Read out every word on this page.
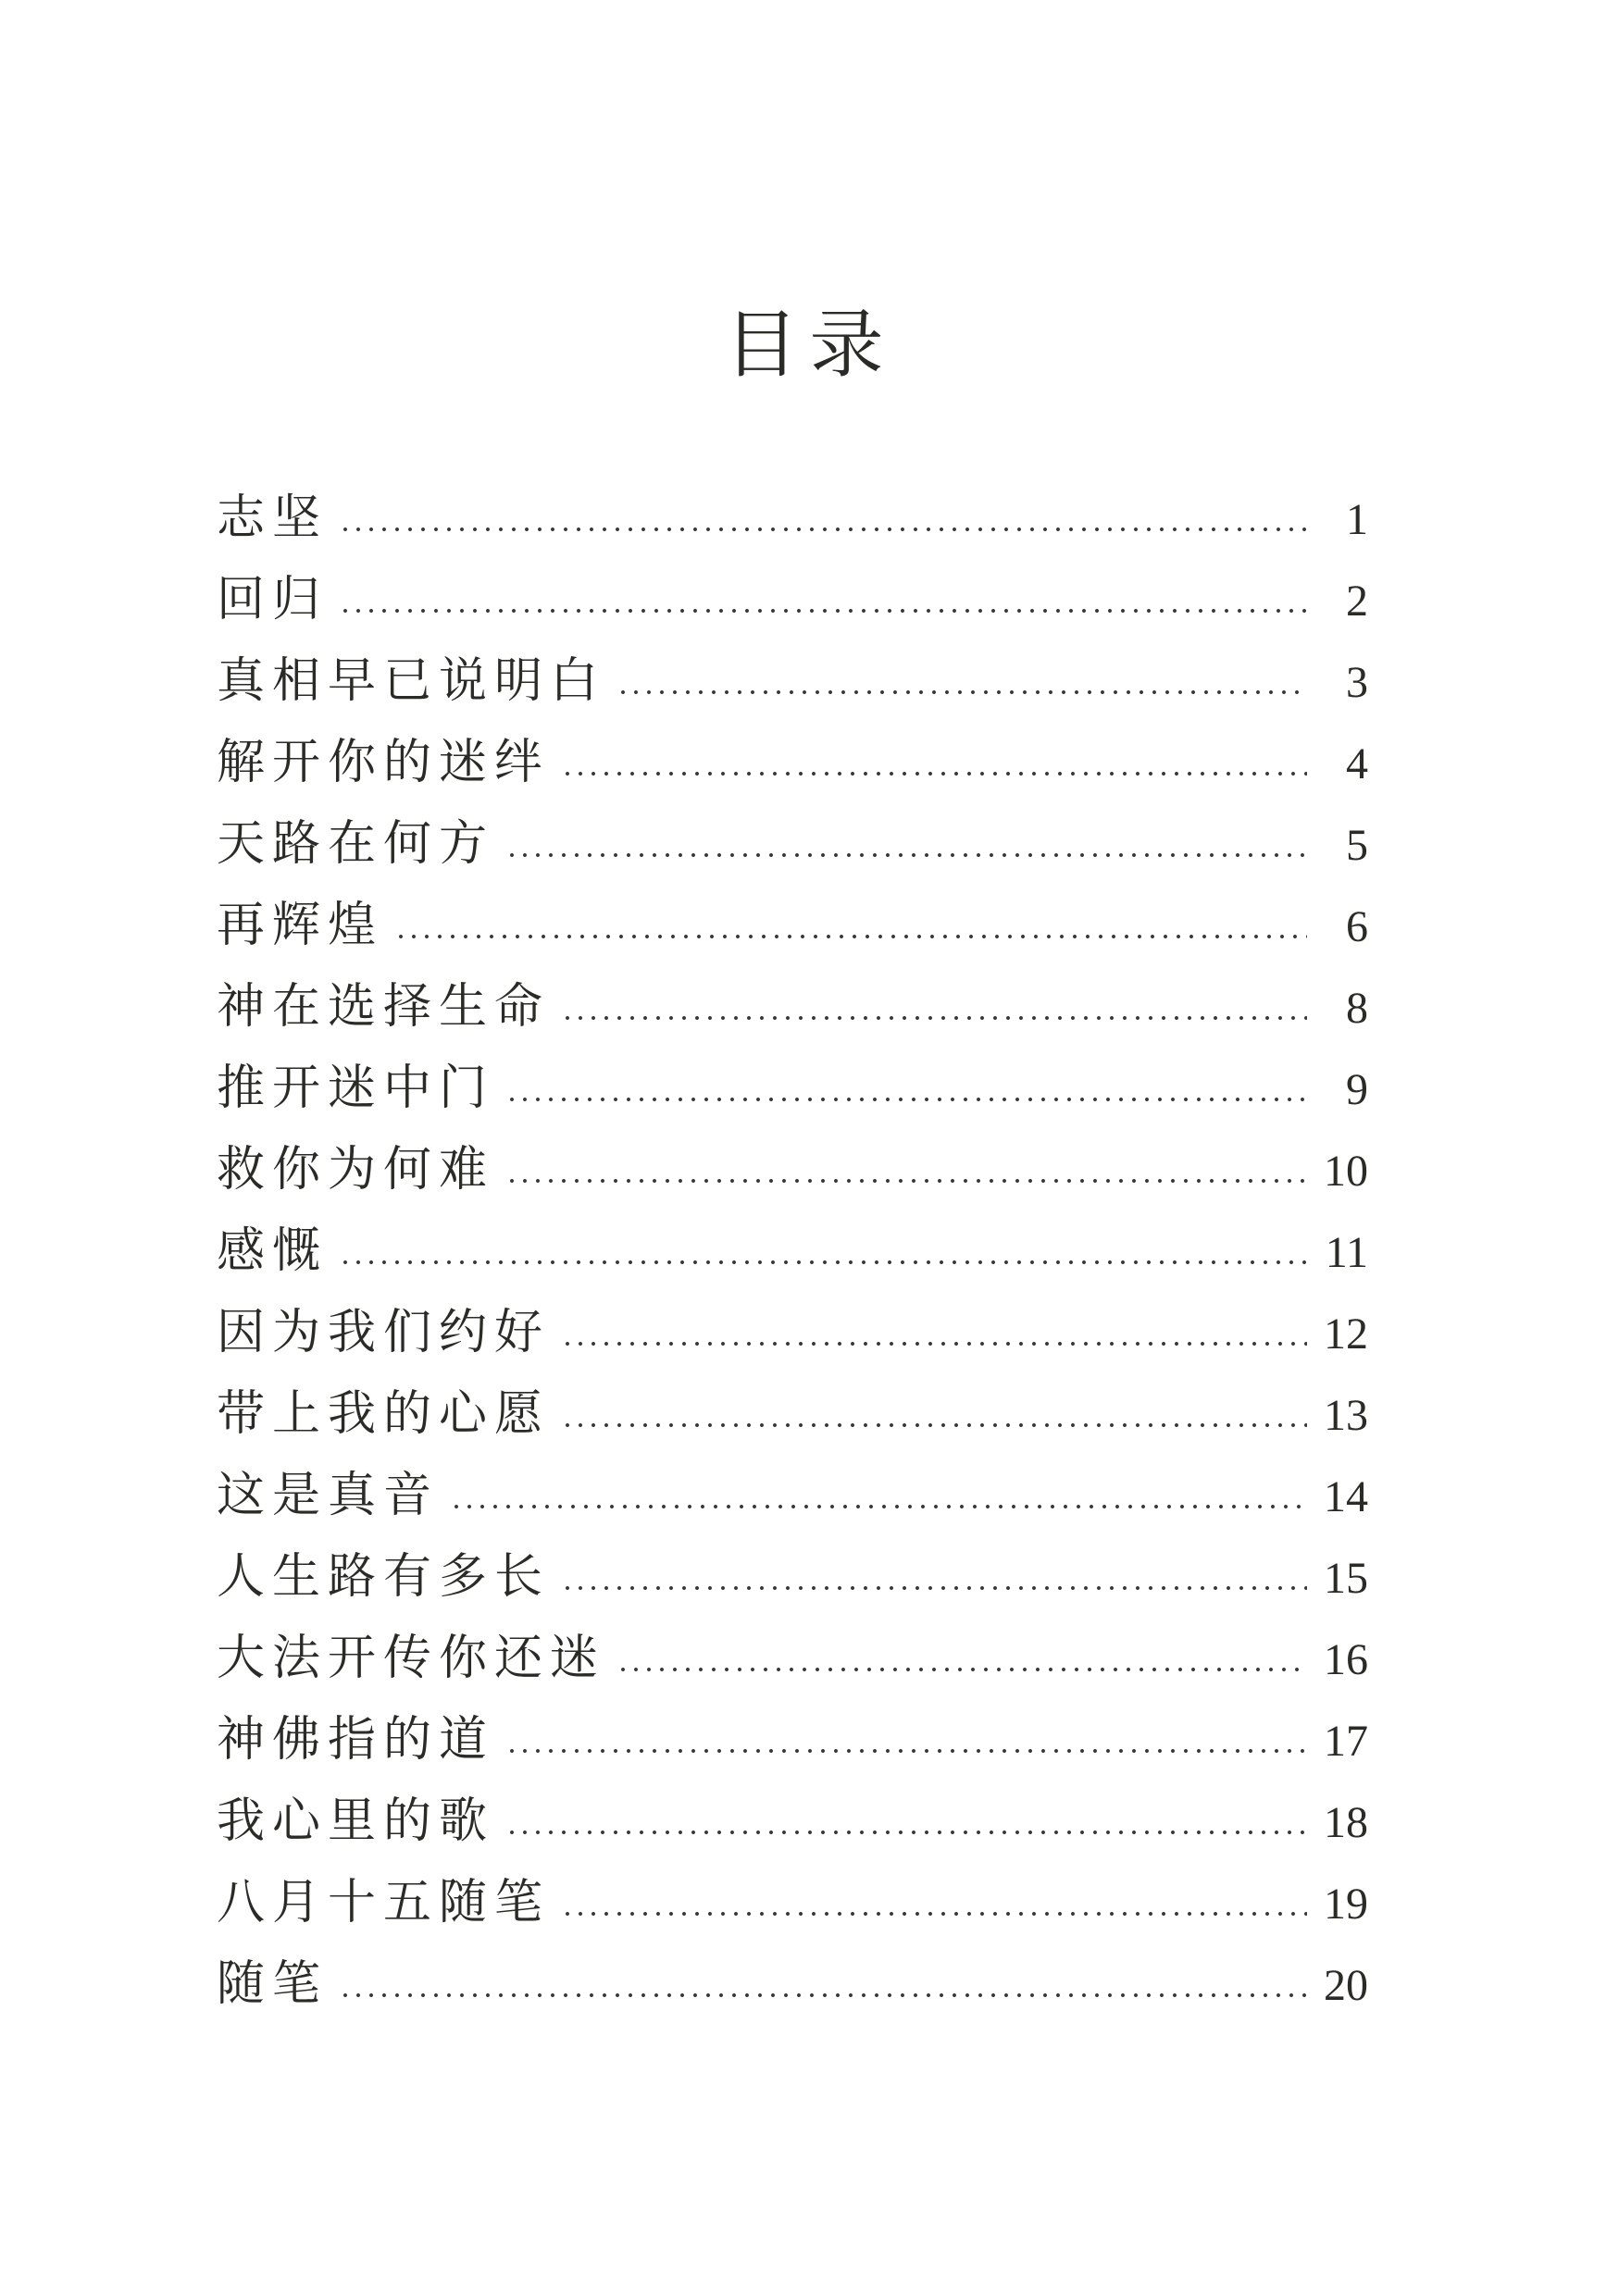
目录
志坚	1
回归	2
真相早已说明白	3
解开你的迷绊	4
天路在何方	5
再辉煌	6
神在选择生命	8
推开迷中门	9
救你为何难	10
感慨	11
因为我们约好	12
带上我的心愿	13
这是真音	14
人生路有多长	15
大法开传你还迷	16
神佛指的道	17
我心里的歌	18
八月十五随笔	19
随笔	20
